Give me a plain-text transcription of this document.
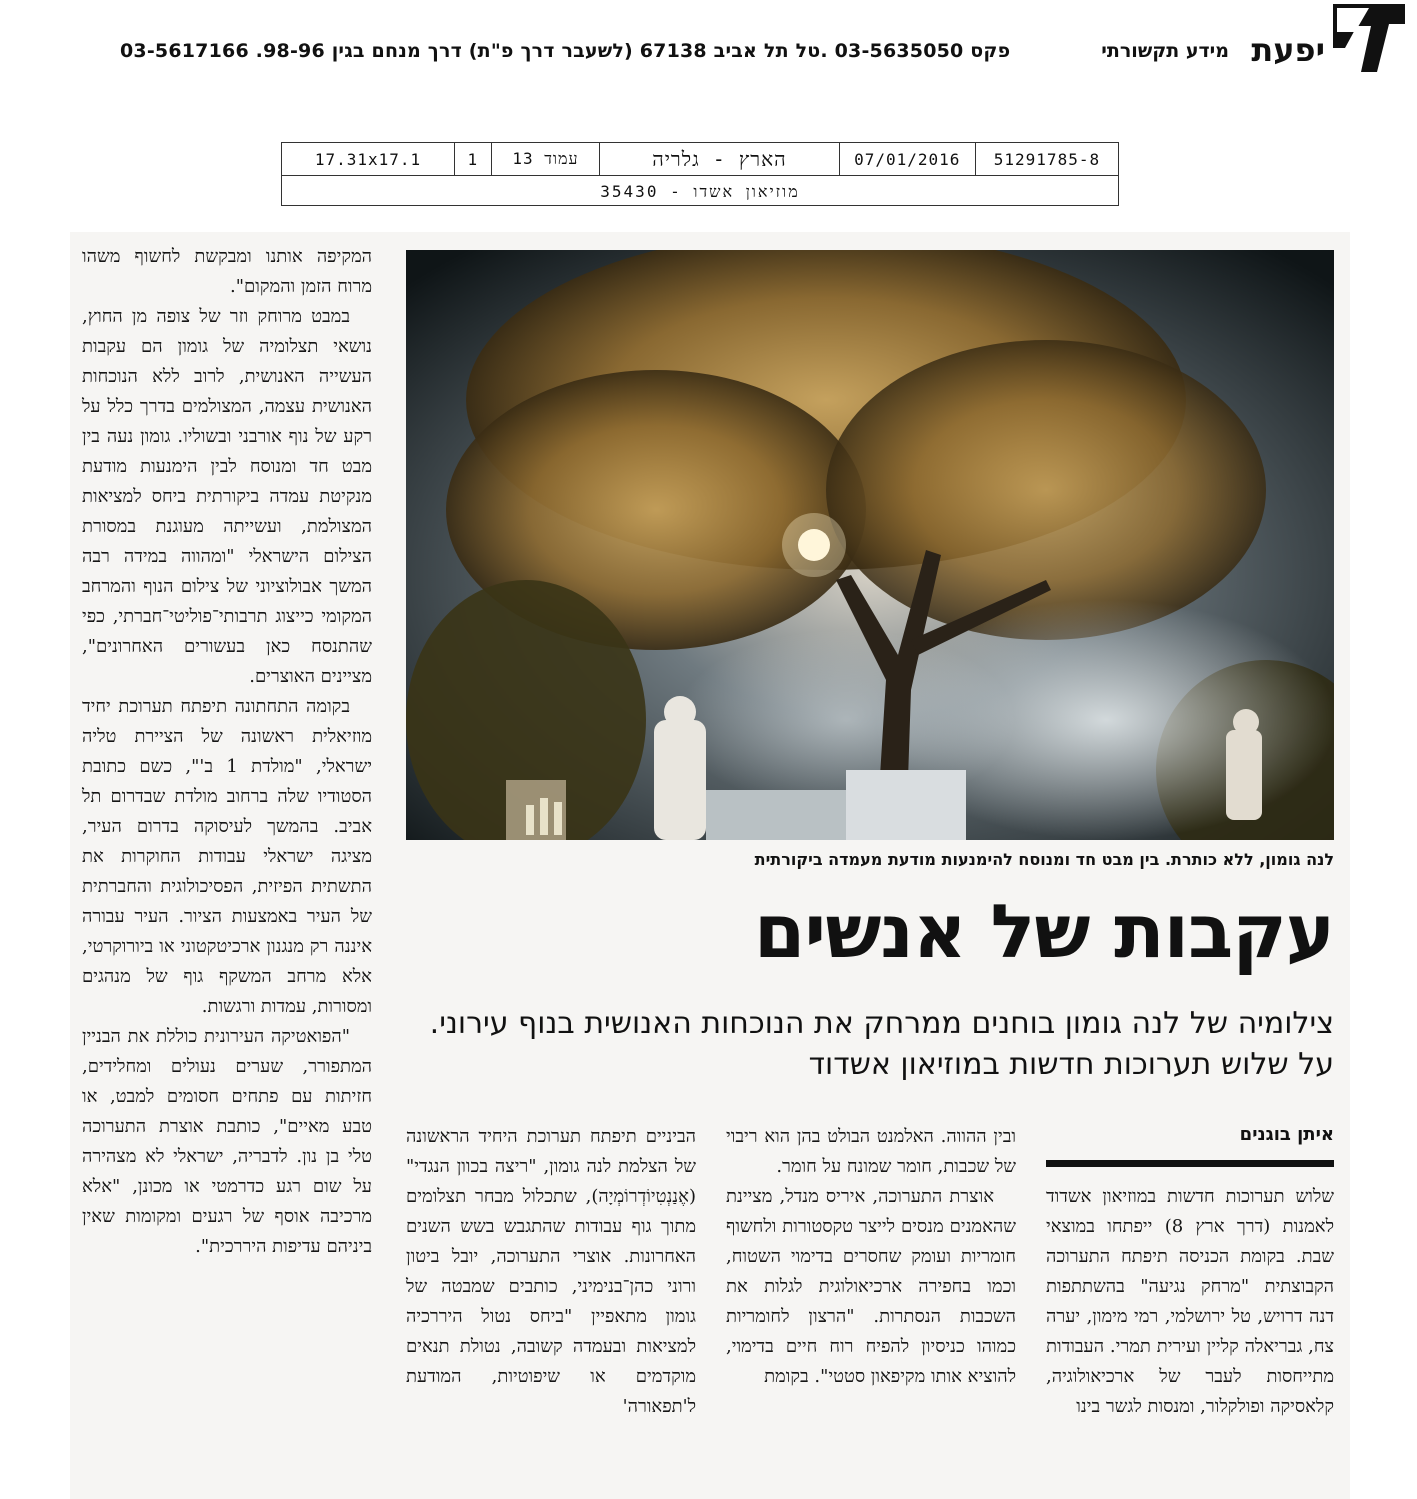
יפעת
מידע תקשורתי
03-5617166 .פקס 03-5635050 .טל תל אביב 67138 (לשעבר דרך פ"ת) דרך מנחם בגין 98-96
51291785-8
07/01/2016
הארץ - גלריה
עמוד 13
1
17.31x17.1
מוזיאון אשדו - 35430
לנה גומון, ללא כותרת. בין מבט חד ומנוסח להימנעות מודעת מעמדה ביקורתית
עקבות של אנשים
צילומיה של לנה גומון בוחנים ממרחק את הנוכחות האנושית בנוף עירוני. על שלוש תערוכות חדשות במוזיאון אשדוד
איתן בוגנים

שלוש תערוכות חדשות במוזיאון אשדוד לאמנות (דרך ארץ 8) ייפתחו במוצאי שבת. בקומת הכניסה תיפתח התערוכה הקבוצתית "מרחק נגיעה" בהשתתפות דנה דרויש, טל ירושלמי, רמי מימון, יערה צח, גבריאלה קליין ועירית תמרי. העבודות מתייחסות לעבר של ארכיאולוגיה, קלאסיקה ופולקלור, ומנסות לגשר בינו

ובין ההווה. האלמנט הבולט בהן הוא ריבוי של שכבות, חומר שמונח על חומר.

אוצרת התערוכה, איריס מנדל, מציינת שהאמנים מנסים לייצר טקסטורות ולחשוף חומריות ועומק שחסרים בדימוי השטוח, וכמו בחפירה ארכיאולוגית לגלות את השכבות הנסתרות. "הרצון לחומריות כמוהו כניסיון להפיח רוח חיים בדימוי, להוציא אותו מקיפאון סטטי". בקומת

הביניים תיפתח תערוכת היחיד הראשונה של הצלמת לנה גומון, "ריצה בכוון הנגדי" (אֶנַנְטִיוֹדְרוֹמְיָה), שתכלול מבחר תצלומים מתוך גוף עבודות שהתגבש בשש השנים האחרונות. אוצרי התערוכה, יובל ביטון ורוני כהן־בנימיני, כותבים שמבטה של גומון מתאפיין "ביחס נטול היררכיה למציאות ובעמדה קשובה, נטולת תנאים מוקדמים או שיפוטיות, המודעת ל'תפאורה'

המקיפה אותנו ומבקשת לחשוף משהו מרוח הזמן והמקום".

במבט מרוחק וזר של צופה מן החוץ, נושאי תצלומיה של גומון הם עקבות העשייה האנושית, לרוב ללא הנוכחות האנושית עצמה, המצולמים בדרך כלל על רקע של נוף אורבני ובשוליו. גומון נעה בין מבט חד ומנוסח לבין הימנעות מודעת מנקיטת עמדה ביקורתית ביחס למציאות המצולמת, ועשייתה מעוגנת במסורת הצילום הישראלי "ומהווה במידה רבה המשך אבולוציוני של צילום הנוף והמרחב המקומי כייצוג תרבותי־פוליטי־חברתי, כפי שהתנסח כאן בעשורים האחרונים", מציינים האוצרים.

בקומה התחתונה תיפתח תערוכת יחיד מוזיאלית ראשונה של הציירת טליה ישראלי, "מולדת 1 ב'", כשם כתובת הסטודיו שלה ברחוב מולדת שבדרום תל אביב. בהמשך לעיסוקה בדרום העיר, מציגה ישראלי עבודות החוקרות את התשתית הפיזית, הפסיכולוגית והחברתית של העיר באמצעות הציור. העיר עבורה איננה רק מנגנון ארכיטקטוני או ביורוקרטי, אלא מרחב המשקף גוף של מנהגים ומסורות, עמדות ורגשות.

"הפואטיקה העירונית כוללת את הבניין המתפורר, שערים נעולים ומחלידים, חזיתות עם פתחים חסומים למבט, או טבע מאיים", כותבת אוצרת התערוכה טלי בן נון. לדבריה, ישראלי לא מצהירה על שום רגע כדרמטי או מכונן, "אלא מרכיבה אוסף של רגעים ומקומות שאין ביניהם עדיפות היררכית".
